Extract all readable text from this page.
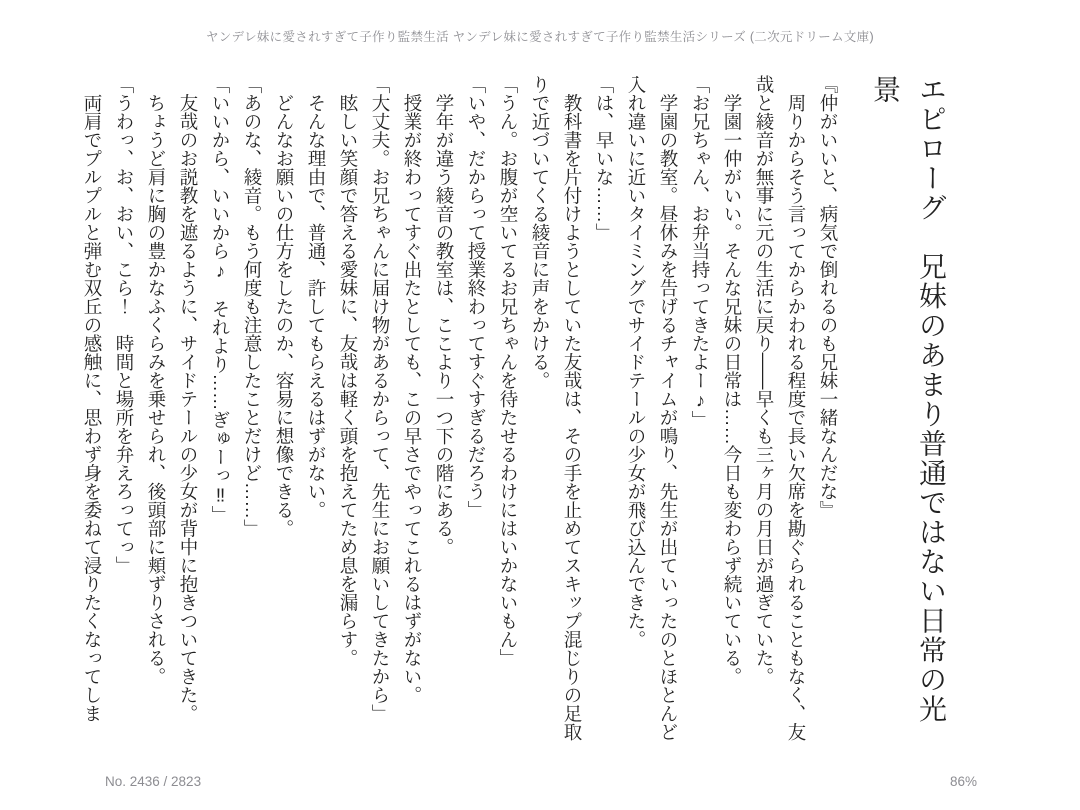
ヤンデレ妹に愛されすぎて子作り監禁生活 ヤンデレ妹に愛されすぎて子作り監禁生活シリーズ (二次元ドリーム文庫)
エピローグ　兄妹のあまり普通ではない日常の光景

『仲がいいと、病気で倒れるのも兄妹一緒なんだな』

　周りからそう言ってからかわれる程度で長い欠席を勘ぐられることもなく、友哉と綾音が無事に元の生活に戻り――早くも三ヶ月の月日が過ぎていた。

　学園一仲がいい。そんな兄妹の日常は……今日も変わらず続いている。

「お兄ちゃん、お弁当持ってきたよー♪」

　学園の教室。昼休みを告げるチャイムが鳴り、先生が出ていったのとほとんど入れ違いに近いタイミングでサイドテールの少女が飛び込んできた。

「は、早いな……」

　教科書を片付けようとしていた友哉は、その手を止めてスキップ混じりの足取りで近づいてくる綾音に声をかける。

「うん。お腹が空いてるお兄ちゃんを待たせるわけにはいかないもん」

「いや、だからって授業終わってすぐすぎるだろう」

　学年が違う綾音の教室は、ここより一つ下の階にある。

　授業が終わってすぐ出たとしても、この早さでやってこれるはずがない。

「大丈夫。お兄ちゃんに届け物があるからって、先生にお願いしてきたから」

　眩しい笑顔で答える愛妹に、友哉は軽く頭を抱えてため息を漏らす。

　そんな理由で、普通、許してもらえるはずがない。

　どんなお願いの仕方をしたのか、容易に想像できる。

「あのな、綾音。もう何度も注意したことだけど……」

「いいから、いいから♪　それより……ぎゅーっ‼」

　友哉のお説教を遮るように、サイドテールの少女が背中に抱きついてきた。

　ちょうど肩に胸の豊かなふくらみを乗せられ、後頭部に頬ずりされる。

「うわっ、お、おい、こら！　時間と場所を弁えろってっ」

　両肩でプルプルと弾む双丘の感触に、思わず身を委ねて浸りたくなってしま

No. 2436 / 2823	86%
